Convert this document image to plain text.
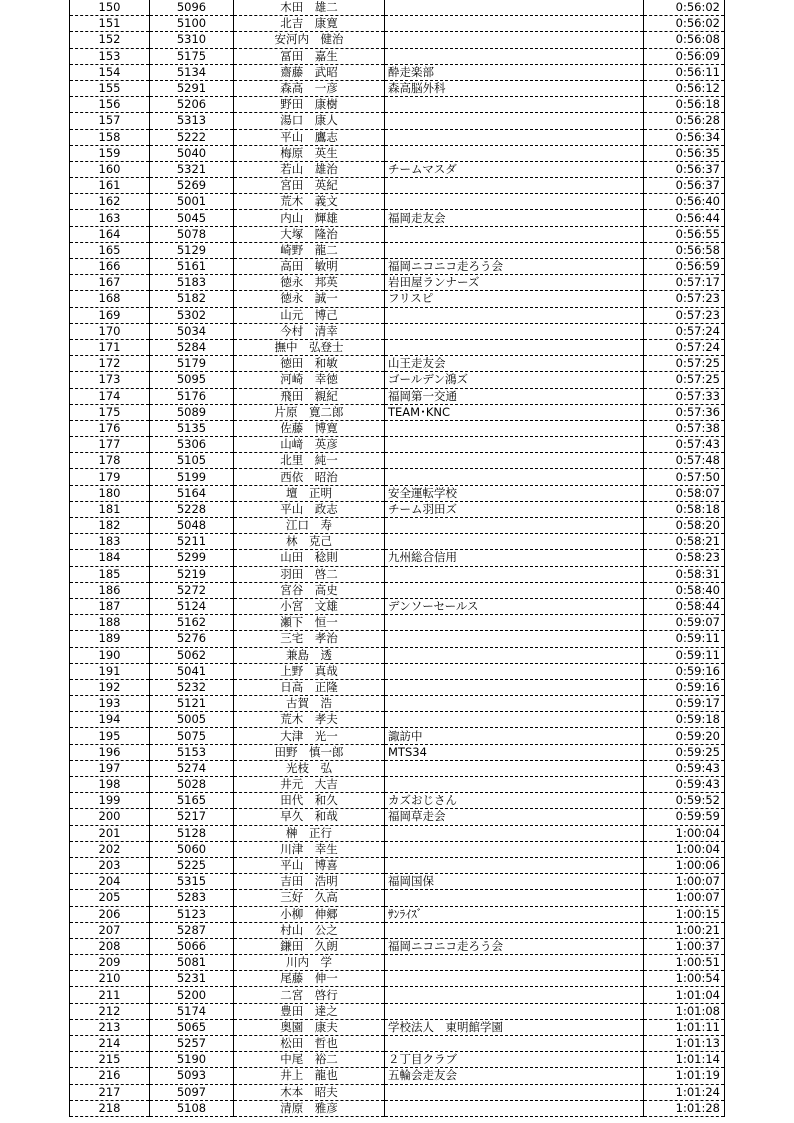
150	5096	木田　雄二		0:56:02
151	5100	北吉　康寛		0:56:02
152	5310	安河内　健治		0:56:08
153	5175	冨田　嘉生		0:56:09
154	5134	齋藤　武昭	酔走楽部	0:56:11
155	5291	森高　一彦	森高脳外科	0:56:12
156	5206	野田　康樹		0:56:18
157	5313	湯口　康人		0:56:28
158	5222	平山　鷹志		0:56:34
159	5040	梅原　英生		0:56:35
160	5321	若山　雄治	チームマスダ	0:56:37
161	5269	宮田　英紀		0:56:37
162	5001	荒木　義文		0:56:40
163	5045	内山　輝雄	福岡走友会	0:56:44
164	5078	大塚　隆治		0:56:55
165	5129	崎野　龍二		0:56:58
166	5161	高田　敏明	福岡ニコニコ走ろう会	0:56:59
167	5183	徳永　邦英	岩田屋ランナーズ	0:57:17
168	5182	徳永　誠一	フリスピ	0:57:23
169	5302	山元　博己		0:57:23
170	5034	今村　清幸		0:57:24
171	5284	撫中　弘登士		0:57:24
172	5179	徳田　和敏	山王走友会	0:57:25
173	5095	河崎　幸徳	ゴールデン鴻ズ	0:57:25
174	5176	飛田　親紀	福岡第一交通	0:57:33
175	5089	片原　寛二郎	TEAM･KNC	0:57:36
176	5135	佐藤　博寛		0:57:38
177	5306	山﨑　英彦		0:57:43
178	5105	北里　純一		0:57:48
179	5199	西依　昭治		0:57:50
180	5164	壇　正明	安全運転学校	0:58:07
181	5228	平山　政志	チーム羽田ズ	0:58:18
182	5048	江口　寿		0:58:20
183	5211	林　克己		0:58:21
184	5299	山田　稔則	九州総合信用	0:58:23
185	5219	羽田　啓二		0:58:31
186	5272	宮谷　高史		0:58:40
187	5124	小宮　文雄	デンソーセールス	0:58:44
188	5162	瀬下　恒一		0:59:07
189	5276	三宅　孝治		0:59:11
190	5062	兼島　透		0:59:11
191	5041	上野　真哉		0:59:16
192	5232	日高　正隆		0:59:16
193	5121	古賀　浩		0:59:17
194	5005	荒木　孝夫		0:59:18
195	5075	大津　光一	諏訪中	0:59:20
196	5153	田野　慎一郎	MTS34	0:59:25
197	5274	光枝　弘		0:59:43
198	5028	井元　大吉		0:59:43
199	5165	田代　和久	カズおじさん	0:59:52
200	5217	早久　和哉	福岡草走会	0:59:59
201	5128	榊　正行		1:00:04
202	5060	川津　幸生		1:00:04
203	5225	平山　博喜		1:00:06
204	5315	吉田　浩明	福岡国保	1:00:07
205	5283	三好　久高		1:00:07
206	5123	小柳　伸郷	ｻﾝﾗｲｽﾞ	1:00:15
207	5287	村山　公之		1:00:21
208	5066	鎌田　久朗	福岡ニコニコ走ろう会	1:00:37
209	5081	川内　学		1:00:51
210	5231	尾藤　伸一		1:00:54
211	5200	二宮　啓行		1:01:04
212	5174	豊田　達之		1:01:08
213	5065	奥園　康夫	学校法人　東明館学園	1:01:11
214	5257	松田　哲也		1:01:13
215	5190	中尾　裕二	２丁目クラブ	1:01:14
216	5093	井上　龍也	五輪会走友会	1:01:19
217	5097	木本　昭夫		1:01:24
218	5108	清原　雅彦		1:01:28
